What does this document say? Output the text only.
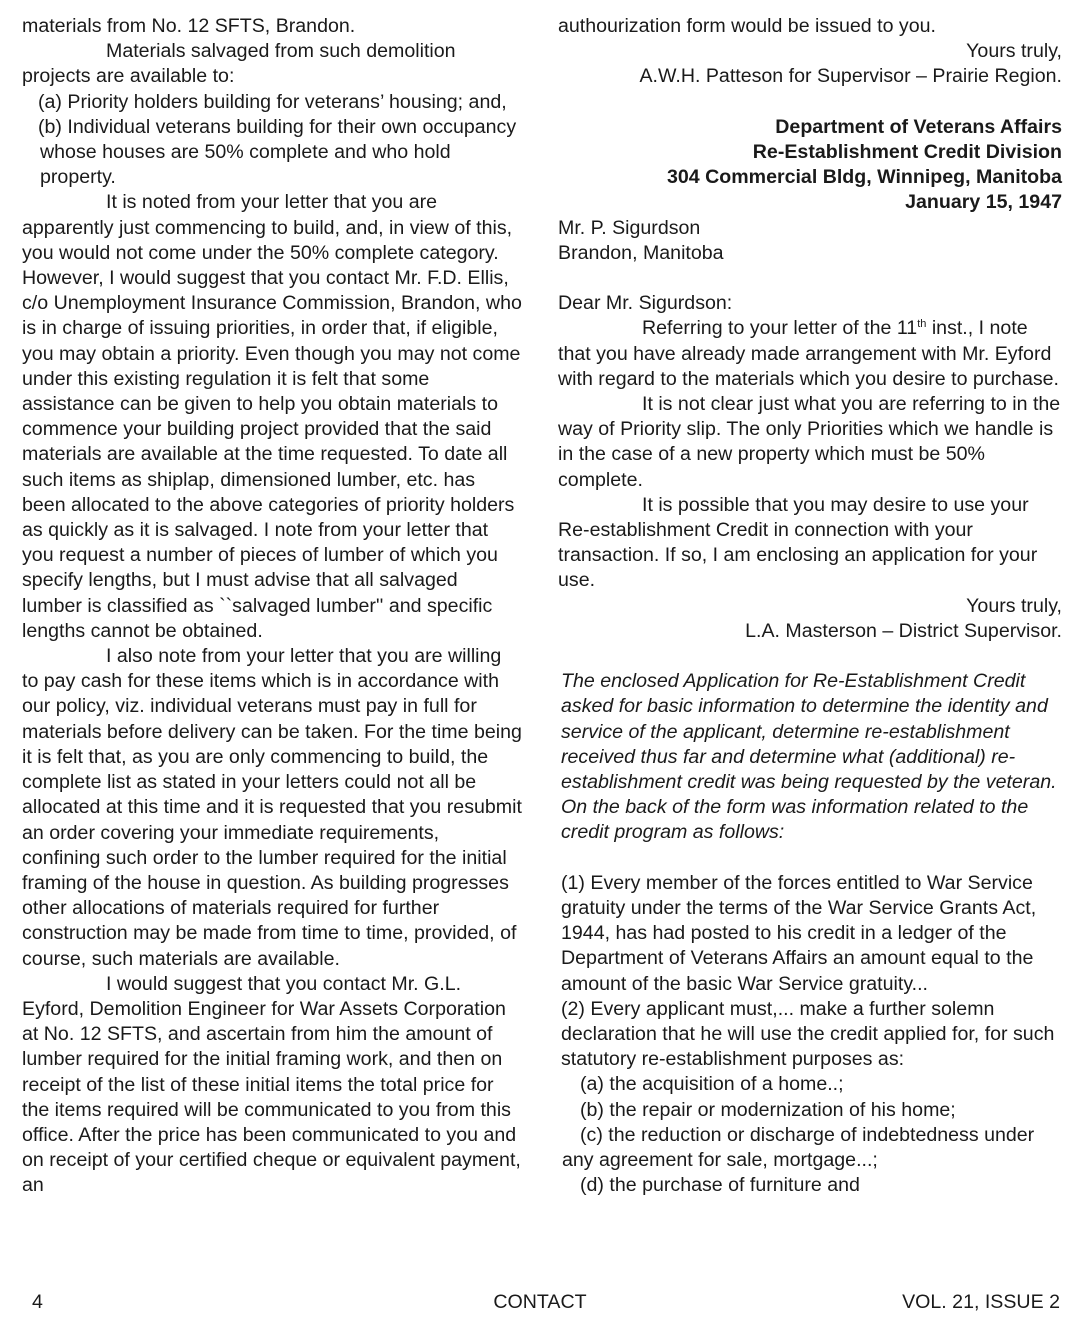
materials from No. 12 SFTS, Brandon.

Materials salvaged from such demolition projects are available to:

(a) Priority holders building for veterans’ housing; and,

(b) Individual veterans building for their own occupancy whose houses are 50% complete and who hold property.

It is noted from your letter that you are apparently just commencing to build, and, in view of this, you would not come under the 50% complete category. However, I would suggest that you contact Mr. F.D. Ellis, c/o Unemployment Insurance Commission, Brandon, who is in charge of issuing priorities, in order that, if eligible, you may obtain a priority. Even though you may not come under this existing regulation it is felt that some assistance can be given to help you obtain materials to commence your building project provided that the said materials are available at the time requested. To date all such items as shiplap, dimensioned lumber, etc. has been allocated to the above categories of priority holders as quickly as it is salvaged. I note from your letter that you request a number of pieces of lumber of which you specify lengths, but I must advise that all salvaged lumber is classified as ``salvaged lumber'' and specific lengths cannot be obtained.

I also note from your letter that you are willing to pay cash for these items which is in accordance with our policy, viz. individual veterans must pay in full for materials before delivery can be taken. For the time being it is felt that, as you are only commencing to build, the complete list as stated in your letters could not all be allocated at this time and it is requested that you resubmit an order covering your immediate requirements, confining such order to the lumber required for the initial framing of the house in question. As building progresses other allocations of materials required for further construction may be made from time to time, provided, of course, such materials are available.

I would suggest that you contact Mr. G.L. Eyford, Demolition Engineer for War Assets Corporation at No. 12 SFTS, and ascertain from him the amount of lumber required for the initial framing work, and then on receipt of the list of these initial items the total price for the items required will be communicated to you from this office. After the price has been communicated to you and on receipt of your certified cheque or equivalent payment, an

authourization form would be issued to you.

Yours truly,

A.W.H. Patteson for Supervisor – Prairie Region.

Department of Veterans Affairs

Re-Establishment Credit Division

304 Commercial Bldg, Winnipeg, Manitoba

January 15, 1947

Mr. P. Sigurdson

Brandon, Manitoba

Dear Mr. Sigurdson:

Referring to your letter of the 11th inst., I note that you have already made arrangement with Mr. Eyford with regard to the materials which you desire to purchase.

It is not clear just what you are referring to in the way of Priority slip. The only Priorities which we handle is in the case of a new property which must be 50% complete.

It is possible that you may desire to use your Re-establishment Credit in connection with your transaction. If so, I am enclosing an application for your use.

Yours truly,

L.A. Masterson – District Supervisor.

The enclosed Application for Re-Establishment Credit asked for basic information to determine the identity and service of the applicant, determine re-establishment received thus far and determine what (additional) re-establishment credit was being requested by the veteran. On the back of the form was information related to the credit program as follows:

(1) Every member of the forces entitled to War Service gratuity under the terms of the War Service Grants Act, 1944, has had posted to his credit in a ledger of the Department of Veterans Affairs an amount equal to the amount of the basic War Service gratuity...

(2) Every applicant must,... make a further solemn declaration that he will use the credit applied for, for such statutory re-establishment purposes as:

(a) the acquisition of a home..;

(b) the repair or modernization of his home;

(c) the reduction or discharge of indebtedness under any agreement for sale, mortgage...;

(d) the purchase of furniture and

CONTACT
4	VOL. 21, ISSUE 2
